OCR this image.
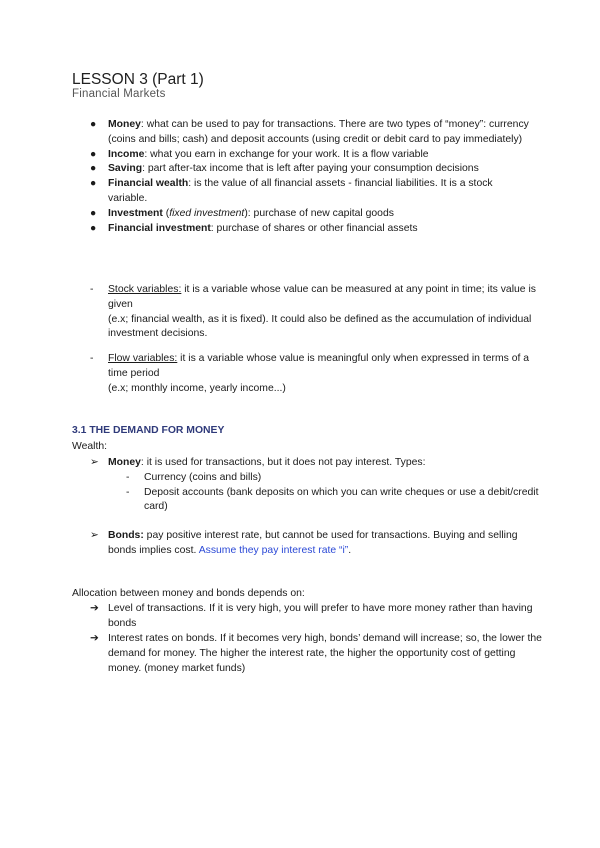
LESSON 3 (Part 1)
Financial Markets
● Money: what can be used to pay for transactions. There are two types of “money”: currency (coins and bills; cash) and deposit accounts (using credit or debit card to pay immediately)
● Income: what you earn in exchange for your work. It is a flow variable
● Saving: part after-tax income that is left after paying your consumption decisions
● Financial wealth: is the value of all financial assets - financial liabilities. It is a stock variable.
● Investment (fixed investment): purchase of new capital goods
● Financial investment: purchase of shares or other financial assets
- Stock variables: it is a variable whose value can be measured at any point in time; its value is given
(e.x; financial wealth, as it is fixed). It could also be defined as the accumulation of individual investment decisions.
- Flow variables: it is a variable whose value is meaningful only when expressed in terms of a time period
(e.x; monthly income, yearly income...)
3.1 THE DEMAND FOR MONEY
Wealth:
➢ Money: it is used for transactions, but it does not pay interest. Types:
- Currency (coins and bills)
- Deposit accounts (bank deposits on which you can write cheques or use a debit/credit card)
➢ Bonds: pay positive interest rate, but cannot be used for transactions. Buying and selling bonds implies cost. Assume they pay interest rate “i”.
Allocation between money and bonds depends on:
➔ Level of transactions. If it is very high, you will prefer to have more money rather than having bonds
➔ Interest rates on bonds. If it becomes very high, bonds’ demand will increase; so, the lower the demand for money. The higher the interest rate, the higher the opportunity cost of getting money. (money market funds)
